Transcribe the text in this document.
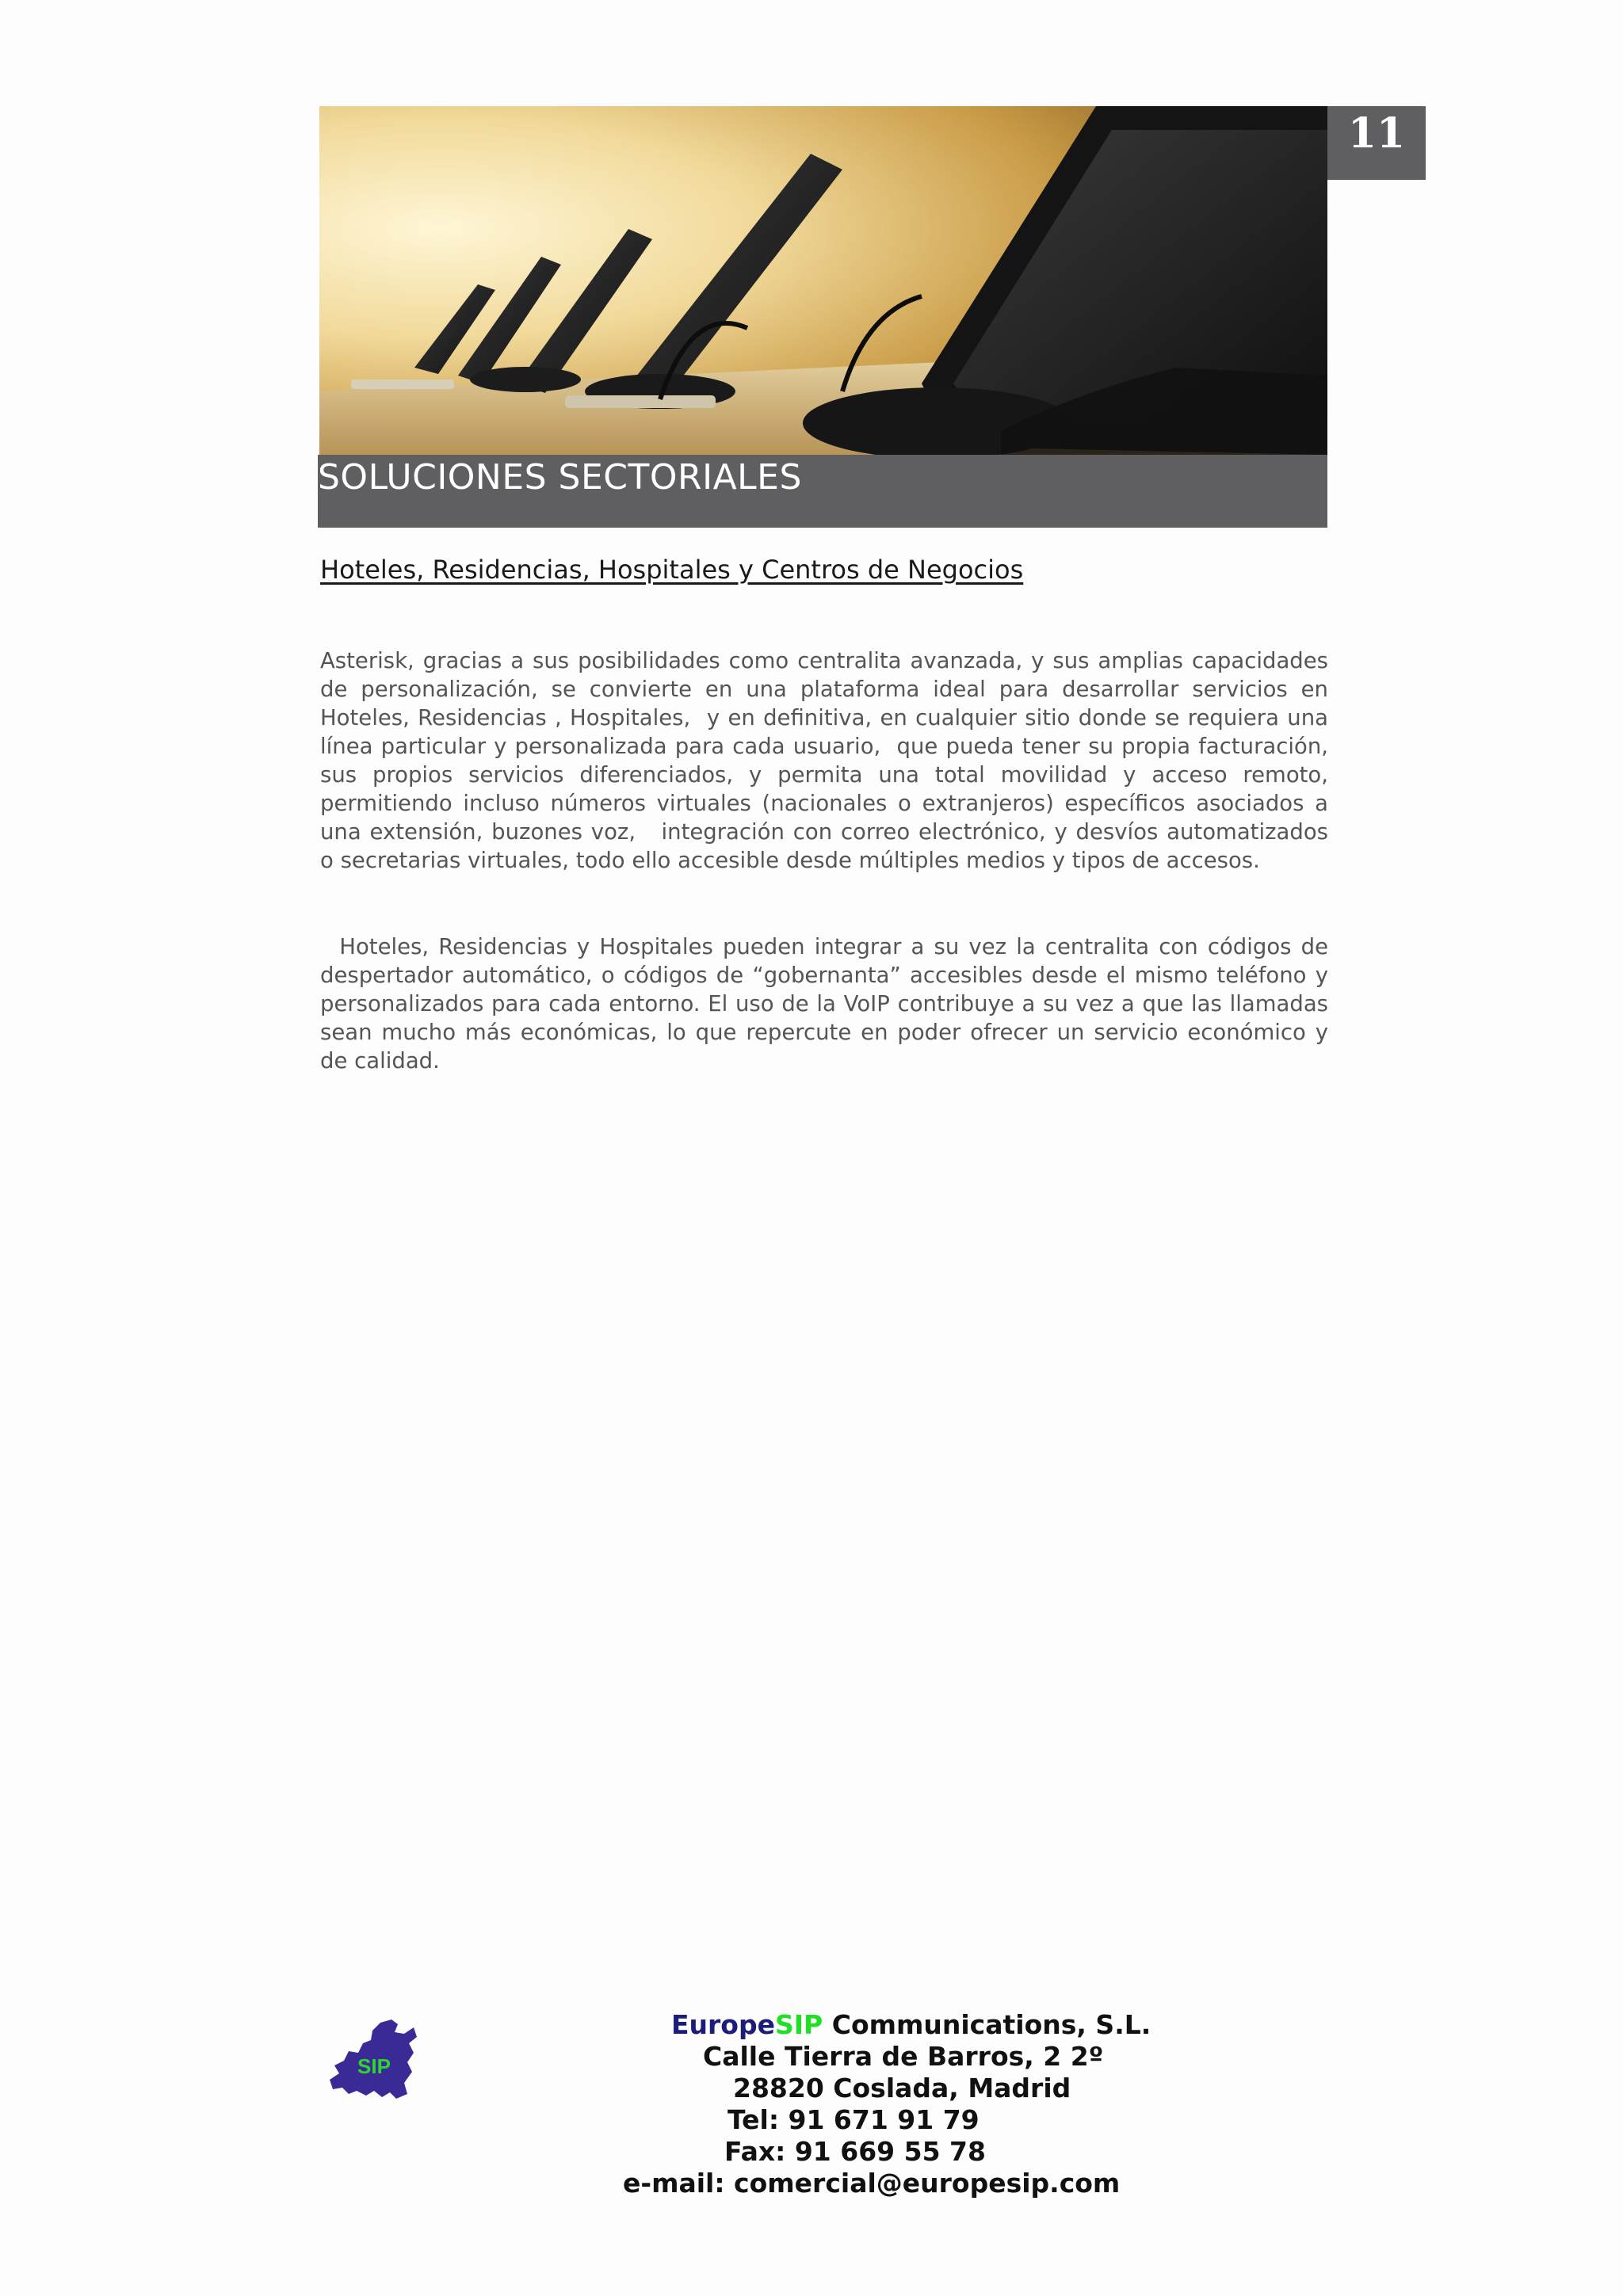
11
SOLUCIONES SECTORIALES
Hoteles, Residencias, Hospitales y Centros de Negocios

Asterisk, gracias a sus posibilidades como centralita avanzada, y sus amplias capacidades de personalización, se convierte en una plataforma ideal para desarrollar servicios en Hoteles, Residencias , Hospitales,  y en definitiva, en cualquier sitio donde se requiera una línea particular y personalizada para cada usuario,  que pueda tener su propia facturación, sus propios servicios diferenciados, y permita una total movilidad y acceso remoto, permitiendo incluso números virtuales (nacionales o extranjeros) específicos asociados a una extensión, buzones voz,   integración con correo electrónico, y desvíos automatizados o secretarias virtuales, todo ello accesible desde múltiples medios y tipos de accesos.

Hoteles, Residencias y Hospitales pueden integrar a su vez la centralita con códigos de despertador automático, o códigos de “gobernanta” accesibles desde el mismo teléfono y personalizados para cada entorno. El uso de la VoIP contribuye a su vez a que las llamadas sean mucho más económicas, lo que repercute en poder ofrecer un servicio económico y de calidad.

SIP
EuropeSIP Communications, S.L.
Calle Tierra de Barros, 2 2º
28820 Coslada, Madrid
Tel: 91 671 91 79
Fax: 91 669 55 78
e-mail: comercial@europesip.com
